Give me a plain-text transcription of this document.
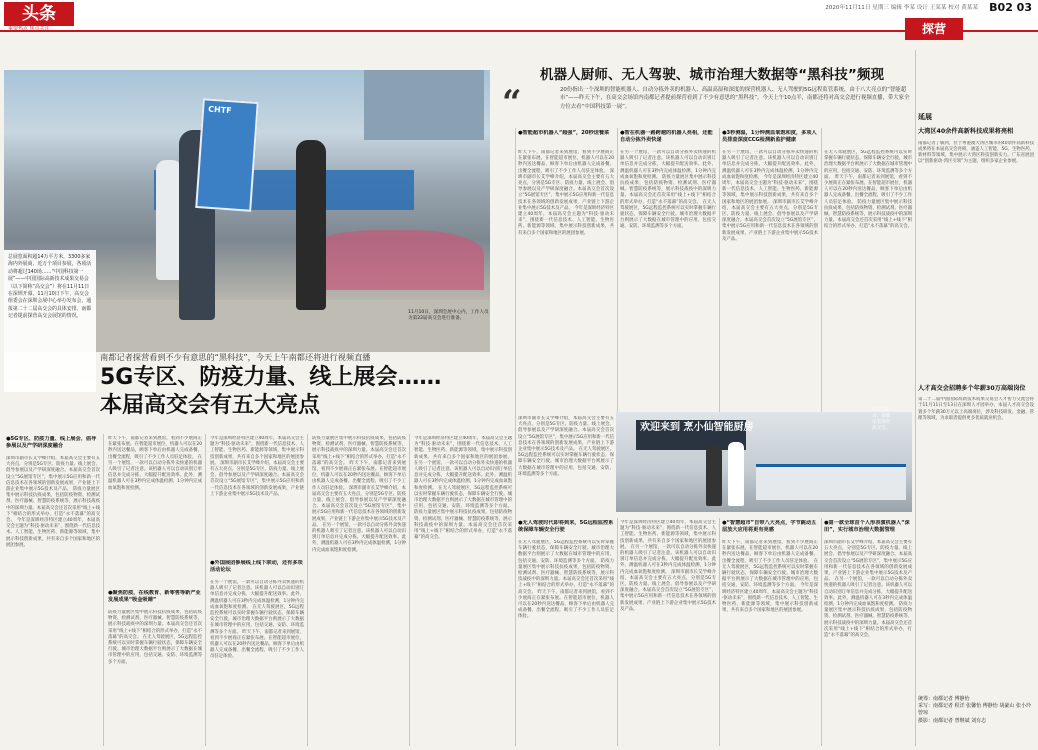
头条
重要热点 焦点关注
2020年11月11日 星期三 编辑 李某 设计 王某某 校对 黄某某 B02 03
探营
“
机器人厨师、无人驾驶、城市治理大数据等“黑科技”频现
20份指出一个深圳的智能机器人、自动分拣外卖的机器人、高温高湿和深度的探营机器人、无人驾驶的5G远程监管系统，由于八大亮点的“智能超市”——昨天下午，在高交会场馆内南都记者提前探营看到了不少有意思的“黑科技”。今天上午10点半，南都还将对高交会进行视频直播，带大家全方位去看“中国科技第一展”。
CHTF
11月10日，深圳会展中心内，工作人员为第22届高交会进行准备。
总展览面积超14万平方米，3300多家海内外展商，近万个项目参展，各项活动将超过140场……“中国科技第一展”——中国国际高新技术成果交易会（以下简称“高交会”）将在11月11日在深圳开幕，11月10日下午，高交会组委会在深圳会展中心举办发布会，通报第二十二届高交会的具体安排。南都记者提前探营高交会展馆的情况。
南都记者探营看到不少有意思的“黑科技”，今天上午南都还将进行视频直播
5G专区、防疫力量、线上展会……
本届高交会有五大亮点
●5G专区、防疫力量、线上展会、倡导参展以及产学研深度融合
深圳市副市长艾学峰介绍，本届高交会主要有五大亮点，分别是5G专区、防疫力量、线上展会、倡导参展以及产学研深度融合。本届高交会首次设立“5G展馆专区”，集中展示5G应用和新一代信息技术在各领域的创新发展成果，产业链上下游企业集中展示5G技术及产品。 防疫力量展区集中展示科技抗疫成果，包括防疫物资、检测试剂、医疗器械、智慧防疫系统等，展示科技战疫中的深圳力量。本届高交会还首次采用“线上+线下”相结合的形式举办，打造“永不落幕”的高交会。 今年是深圳经济特区建立40周年，本届高交会主题为“科技·驱动未来”，围绕新一代信息技术、人工智能、生物医药、新能源等领域，集中展示科技创新成果，共有来自多个国家和地区的展团参展。
昨天下午，南都记者来到展馆，看到不少展商正在紧张布展。在智能超市展位，机器人可以在20秒内送达餐品，顾客下单后由机器人完成备餐、出餐全流程，吸引了不少工作人员驻足体验。 在另一个展馆，一款可以自动分拣外卖快递的机器人吸引了记者注意。该机器人可以自动识别订单信息并完成分拣，大幅提升配送效率。此外，测温机器人可在3秒内完成体温检测，1分钟内完成血氧饱和度检测。
●聚焦防疫，在线教育、新零售等新产业发展成果“吸金吸睛”
防疫力量展区集中展示科技抗疫成果，包括防疫物资、检测试剂、医疗器械、智慧防疫系统等，展示科技战疫中的深圳力量。本届高交会还首次采用“线上+线下”相结合的形式举办，打造“永不落幕”的高交会。 在无人驾驶展区，5G远程监控系统可以实时掌握车辆行驶状态，保障车辆安全行驶。城市治理大数据平台则展示了大数据在城市管理中的应用，包括交通、安防、环境监测等多个方面。
今年是深圳经济特区建立40周年，本届高交会主题为“科技·驱动未来”，围绕新一代信息技术、人工智能、生物医药、新能源等领域，集中展示科技创新成果，共有来自多个国家和地区的展团参展。 深圳市副市长艾学峰介绍，本届高交会主要有五大亮点，分别是5G专区、防疫力量、线上展会、倡导参展以及产学研深度融合。本届高交会首次设立“5G展馆专区”，集中展示5G应用和新一代信息技术在各领域的创新发展成果，产业链上下游企业集中展示5G技术及产品。
●外国展团参展线上线下联动，还有多项活动论坛
在另一个展馆，一款可以自动分拣外卖快递的机器人吸引了记者注意。该机器人可以自动识别订单信息并完成分拣，大幅提升配送效率。此外，测温机器人可在3秒内完成体温检测，1分钟内完成血氧饱和度检测。 在无人驾驶展区，5G远程监控系统可以实时掌握车辆行驶状态，保障车辆安全行驶。城市治理大数据平台则展示了大数据在城市管理中的应用，包括交通、安防、环境监测等多个方面。 昨天下午，南都记者来到展馆，看到不少展商正在紧张布展。在智能超市展位，机器人可以在20秒内送达餐品，顾客下单后由机器人完成备餐、出餐全流程，吸引了不少工作人员驻足体验。
防疫力量展区集中展示科技抗疫成果，包括防疫物资、检测试剂、医疗器械、智慧防疫系统等，展示科技战疫中的深圳力量。本届高交会还首次采用“线上+线下”相结合的形式举办，打造“永不落幕”的高交会。 昨天下午，南都记者来到展馆，看到不少展商正在紧张布展。在智能超市展位，机器人可以在20秒内送达餐品，顾客下单后由机器人完成备餐、出餐全流程，吸引了不少工作人员驻足体验。 深圳市副市长艾学峰介绍，本届高交会主要有五大亮点，分别是5G专区、防疫力量、线上展会、倡导参展以及产学研深度融合。本届高交会首次设立“5G展馆专区”，集中展示5G应用和新一代信息技术在各领域的创新发展成果，产业链上下游企业集中展示5G技术及产品。 在另一个展馆，一款可以自动分拣外卖快递的机器人吸引了记者注意。该机器人可以自动识别订单信息并完成分拣，大幅提升配送效率。此外，测温机器人可在3秒内完成体温检测，1分钟内完成血氧饱和度检测。
●智能超市机器人“超强”，20秒送餐菜
昨天下午，南都记者来到展馆，看到不少展商正在紧张布展。在智能超市展位，机器人可以在20秒内送达餐品，顾客下单后由机器人完成备餐、出餐全流程，吸引了不少工作人员驻足体验。 深圳市副市长艾学峰介绍，本届高交会主要有五大亮点，分别是5G专区、防疫力量、线上展会、倡导参展以及产学研深度融合。本届高交会首次设立“5G展馆专区”，集中展示5G应用和新一代信息技术在各领域的创新发展成果，产业链上下游企业集中展示5G技术及产品。 今年是深圳经济特区建立40周年，本届高交会主题为“科技·驱动未来”，围绕新一代信息技术、人工智能、生物医药、新能源等领域，集中展示科技创新成果，共有来自多个国家和地区的展团参展。
●智在机器一路跨越的机器人亮相，还能自动分拣外卖快递
在另一个展馆，一款可以自动分拣外卖快递的机器人吸引了记者注意。该机器人可以自动识别订单信息并完成分拣，大幅提升配送效率。此外，测温机器人可在3秒内完成体温检测，1分钟内完成血氧饱和度检测。 防疫力量展区集中展示科技抗疫成果，包括防疫物资、检测试剂、医疗器械、智慧防疫系统等，展示科技战疫中的深圳力量。本届高交会还首次采用“线上+线下”相结合的形式举办，打造“永不落幕”的高交会。 在无人驾驶展区，5G远程监控系统可以实时掌握车辆行驶状态，保障车辆安全行驶。城市治理大数据平台则展示了大数据在城市管理中的应用，包括交通、安防、环境监测等多个方面。
●3秒测温，1分钟测血氧饱和度，多项人员排查深度CCG检测新监护健康
在另一个展馆，一款可以自动分拣外卖快递的机器人吸引了记者注意。该机器人可以自动识别订单信息并完成分拣，大幅提升配送效率。此外，测温机器人可在3秒内完成体温检测，1分钟内完成血氧饱和度检测。 今年是深圳经济特区建立40周年，本届高交会主题为“科技·驱动未来”，围绕新一代信息技术、人工智能、生物医药、新能源等领域，集中展示科技创新成果，共有来自多个国家和地区的展团参展。 深圳市副市长艾学峰介绍，本届高交会主要有五大亮点，分别是5G专区、防疫力量、线上展会、倡导参展以及产学研深度融合。本届高交会首次设立“5G展馆专区”，集中展示5G应用和新一代信息技术在各领域的创新发展成果，产业链上下游企业集中展示5G技术及产品。
在无人驾驶展区，5G远程监控系统可以实时掌握车辆行驶状态，保障车辆安全行驶。城市治理大数据平台则展示了大数据在城市管理中的应用，包括交通、安防、环境监测等多个方面。 昨天下午，南都记者来到展馆，看到不少展商正在紧张布展。在智能超市展位，机器人可以在20秒内送达餐品，顾客下单后由机器人完成备餐、出餐全流程，吸引了不少工作人员驻足体验。 防疫力量展区集中展示科技抗疫成果，包括防疫物资、检测试剂、医疗器械、智慧防疫系统等，展示科技战疫中的深圳力量。本届高交会还首次采用“线上+线下”相结合的形式举办，打造“永不落幕”的高交会。
今年是深圳经济特区建立40周年，本届高交会主题为“科技·驱动未来”，围绕新一代信息技术、人工智能、生物医药、新能源等领域，集中展示科技创新成果，共有来自多个国家和地区的展团参展。 在另一个展馆，一款可以自动分拣外卖快递的机器人吸引了记者注意。该机器人可以自动识别订单信息并完成分拣，大幅提升配送效率。此外，测温机器人可在3秒内完成体温检测，1分钟内完成血氧饱和度检测。 在无人驾驶展区，5G远程监控系统可以实时掌握车辆行驶状态，保障车辆安全行驶。城市治理大数据平台则展示了大数据在城市管理中的应用，包括交通、安防、环境监测等多个方面。 防疫力量展区集中展示科技抗疫成果，包括防疫物资、检测试剂、医疗器械、智慧防疫系统等，展示科技战疫中的深圳力量。本届高交会还首次采用“线上+线下”相结合的形式举办，打造“永不落幕”的高交会。
深圳市副市长艾学峰介绍，本届高交会主要有五大亮点，分别是5G专区、防疫力量、线上展会、倡导参展以及产学研深度融合。本届高交会首次设立“5G展馆专区”，集中展示5G应用和新一代信息技术在各领域的创新发展成果，产业链上下游企业集中展示5G技术及产品。 在无人驾驶展区，5G远程监控系统可以实时掌握车辆行驶状态，保障车辆安全行驶。城市治理大数据平台则展示了大数据在城市管理中的应用，包括交通、安防、环境监测等多个方面。
欢迎来到 烹小仙智能厨房
11月10日，南都记者探营高交会。
●无人驾驶时代即将到来，5G远程监控系统保障车辆安全行驶
在无人驾驶展区，5G远程监控系统可以实时掌握车辆行驶状态，保障车辆安全行驶。城市治理大数据平台则展示了大数据在城市管理中的应用，包括交通、安防、环境监测等多个方面。 防疫力量展区集中展示科技抗疫成果，包括防疫物资、检测试剂、医疗器械、智慧防疫系统等，展示科技战疫中的深圳力量。本届高交会还首次采用“线上+线下”相结合的形式举办，打造“永不落幕”的高交会。 昨天下午，南都记者来到展馆，看到不少展商正在紧张布展。在智能超市展位，机器人可以在20秒内送达餐品，顾客下单后由机器人完成备餐、出餐全流程，吸引了不少工作人员驻足体验。
今年是深圳经济特区建立40周年，本届高交会主题为“科技·驱动未来”，围绕新一代信息技术、人工智能、生物医药、新能源等领域，集中展示科技创新成果，共有来自多个国家和地区的展团参展。 在另一个展馆，一款可以自动分拣外卖快递的机器人吸引了记者注意。该机器人可以自动识别订单信息并完成分拣，大幅提升配送效率。此外，测温机器人可在3秒内完成体温检测，1分钟内完成血氧饱和度检测。 深圳市副市长艾学峰介绍，本届高交会主要有五大亮点，分别是5G专区、防疫力量、线上展会、倡导参展以及产学研深度融合。本届高交会首次设立“5G展馆专区”，集中展示5G应用和新一代信息技术在各领域的创新发展成果，产业链上下游企业集中展示5G技术及产品。
●“智慧超市”自带八大亮点，字节跳动五层放大应用将更有亮感
昨天下午，南都记者来到展馆，看到不少展商正在紧张布展。在智能超市展位，机器人可以在20秒内送达餐品，顾客下单后由机器人完成备餐、出餐全流程，吸引了不少工作人员驻足体验。 在无人驾驶展区，5G远程监控系统可以实时掌握车辆行驶状态，保障车辆安全行驶。城市治理大数据平台则展示了大数据在城市管理中的应用，包括交通、安防、环境监测等多个方面。 今年是深圳经济特区建立40周年，本届高交会主题为“科技·驱动未来”，围绕新一代信息技术、人工智能、生物医药、新能源等领域，集中展示科技创新成果，共有来自多个国家和地区的展团参展。
●第一款全球首个人形表演机器人“深田”，实行城市治理大数据管理
深圳市副市长艾学峰介绍，本届高交会主要有五大亮点，分别是5G专区、防疫力量、线上展会、倡导参展以及产学研深度融合。本届高交会首次设立“5G展馆专区”，集中展示5G应用和新一代信息技术在各领域的创新发展成果，产业链上下游企业集中展示5G技术及产品。 在另一个展馆，一款可以自动分拣外卖快递的机器人吸引了记者注意。该机器人可以自动识别订单信息并完成分拣，大幅提升配送效率。此外，测温机器人可在3秒内完成体温检测，1分钟内完成血氧饱和度检测。 防疫力量展区集中展示科技抗疫成果，包括防疫物资、检测试剂、医疗器械、智慧防疫系统等，展示科技战疫中的深圳力量。本届高交会还首次采用“线上+线下”相结合的形式举办，打造“永不落幕”的高交会。
延展
大湾区40余件高新科技成果将亮相
南都记者了解到，位于粤港澳大湾区城市的40余件高新科技成果将在本届高交会亮相，涵盖人工智能、5G、生物医药、新材料等领域，集中展示大湾区科技创新实力。广东省展团以“创新驱动·湾区引领”为主题，组织多家企业参展。
人才高交会招聘多个年薪30万高端岗位
第二十二届中国国际高新技术成果交易会人才智力交流会将于11月11日至13日在深圳人才园举办，本届人才高交会设置多个年薪30万元以上高端岗位，涉及科技研发、金融、管理等领域，为求职者提供更多优质就业机会。
统筹：南都记者 傅静怡
采写：南都记者 程洋 张馨怡 傅静怡 胡豪山 张小玲 曾琼
摄影：南都记者 曾继斌 刘有志
